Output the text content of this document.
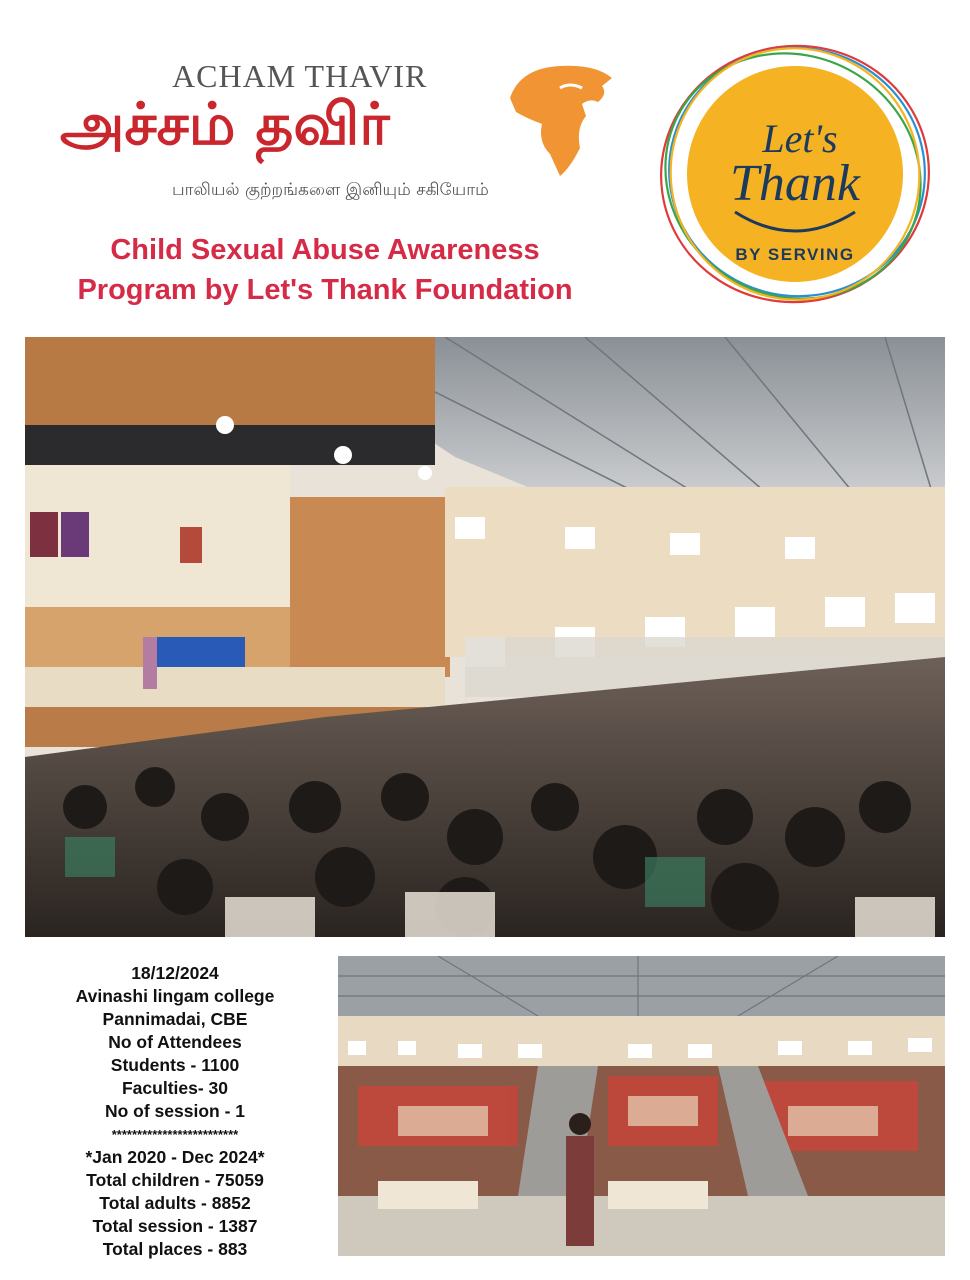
ACHAM THAVIR
அச்சம் தவிர்
பாலியல் குற்றங்களை இனியும் சகியோம்
Child Sexual Abuse Awareness
Program by Let's Thank Foundation
Let's
Thank
BY SERVING
18/12/2024
Avinashi lingam college
Pannimadai, CBE
No of Attendees
Students - 1100
Faculties- 30
No of session - 1
*************************
*Jan 2020 - Dec 2024*
Total children - 75059
Total adults - 8852
Total session - 1387
Total places - 883
